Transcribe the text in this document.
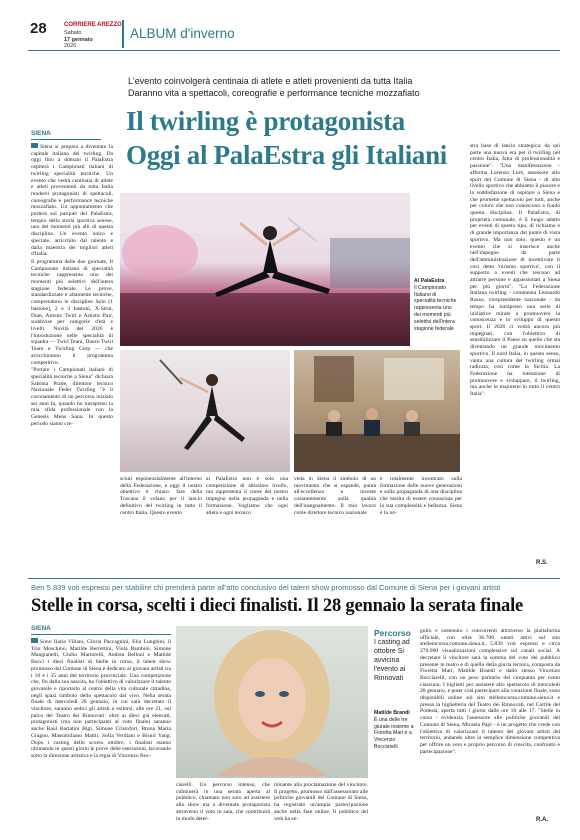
28	CORRIERE AREZZO
Sabato
17 gennaio
2026
ALBUM d'inverno
L'evento coinvolgerà centinaia di atlete e atleti provenienti da tutta Italia
Daranno vita a spettacoli, coreografie e performance tecniche mozzafiato
SIENA	Il twirling è protagonista
Oggi al PalaEstra gli Italiani

Siena si prepara a diventare la capitale italiana del twirling. Da oggi fino a domani il PalaEstra ospiterà i Campionati italiani di twirling specialità tecniche. Un evento che vedrà centinaia di atlete e atleti provenienti da tutta Italia rendersi protagonisti di spettacoli, coreografie e performance tecniche mozzafiato. Un appuntamento che porterà sul parquet del PalaEstra, tempio della storia sportiva senese, uno dei momenti più alti di questa disciplina. Un evento unico e speciale, arricchito dal talento e dalla maestria dei migliori atleti d'Italia.

Il programma delle due giornate. Il Campionato italiano di specialità tecniche rappresenta uno dei momenti più selettivi dell'intera stagione federale. Le prove, standardizzate e altamente tecniche, comprendono le discipline Solo (1 bastone), 2 e 3 bastoni, X-Strut, Duet, Artistic Twirl e Artistic Pair, suddivise per categorie d'età e livelli. Novità del 2026 è l'introduzione nelle specialità di squadra — Twirl Team, Dance Twirl Team e Twirling Corp — che arricchiranno il programma competitivo.

"Portare i Campionati italiani di specialità tecniche a Siena" dichiara Sabrina Prade, direttore tecnico Nazionale Feder Twirling "è il coronamento di un percorso iniziato sei anni fa, quando ho intrapreso la mia sfida professionale con la Genesis Mens Sana. In questo periodo siamo cre-

Al PalaEstra
Il Campionato Italiano di specialità tecniche rappresenta uno dei momenti più selettivi dell'intera stagione federale
sciuti esponenzialmente all'interno della Federazione, e oggi il nostro obiettivo è chiaro: fare della Toscana il volano per il lancio definitivo del twirling in tutto il centro Italia. Questo evento
al PalaEstra non è solo una competizione di altissimo livello, ma rappresenta il cuore del nostro impegno nella propaganda e nella formazione. Vogliamo che ogni atleta e ogni tecnico
veda in Siena il simbolo di un movimento che si espande, punta all'eccellenza e investe costantemente sulla qualità dell'insegnamento. Il mio lavoro come direttore tecnico nazionale
è totalmente incentrato sulla formazione delle nuove generazioni e sulla propaganda di una disciplina che merita di essere conosciuta per la sua complessità e bellezza. Siena è la no-
stra base di lancio strategica: da qui parte una nuova era per il twirling nel centro Italia, fatta di professionalità e passione". "Una manifestazione - afferma Lorenzo Loré, assessore allo sport del Comune di Siena - di alto livello sportivo che abbiamo il piacere e la soddisfazione di ospitare a Siena e che promette spettacolo per tutti, anche per coloro che non conoscono a fondo questa disciplina. Il PalaEstra, di proprietà comunale, è il luogo adatto per eventi di questo tipo, di richiamo e di grande importanza dal punto di vista sportivo. Ma non solo: questo è un evento che si inserisce anche nell'impegno da parte dell'amministrazione di incentivare il così detto 'turismo sportivo', con il supporto a eventi che rescono ad attrarre persone e appassionati a Siena per più giorni". "La Federazione Italiana twirling - commenta Leonardo Russo, vicepresidente nazionale - da tempo ha intrapreso una serie di iniziative mirate a promuovere la conoscenza e lo sviluppo di questo sport. Il 2026 ci vedrà ancora più impegnati, con l'obiettivo di sensibilizzare il Paese su quello che sta diventando un grande movimento sportivo. Il nord Italia, in questo senso, vanta una cultura del twirling ormai radicata, così come la Sicilia. La Federazione ha intenzione di promuovere e sviluppare, il twirling, ma anche le majorette in tutto il centro Italia".
R.S.
Ben 5.839 voti espressi per stabilire chi prenderà parte all'atto conclusivo del talent show promosso dal Comune di Siena per i giovani artisti
Stelle in corsa, scelti i dieci finalisti. Il 28 gennaio la serata finale
SIENA

Sono Ilaria Villani, Gloria Paccagnini, Elia Lunghini, il Trio Moschino, Matilde Berrettini, Viola Bambini, Simone Mangianelli, Giulio Martorelli, Andrea Belloni e Matilde Bocci i dieci finalisti di Stelle in corsa, il talent show promosso dal Comune di Siena e dedicato ai giovani artisti tra i 18 e i 35 anni del territorio provinciale. Una competizione che, fin dalla sua nascita, ha l'obiettivo di valorizzare il talento giovanile e riportarlo al centro della vita culturale cittadina, negli spazi simbolo dello spettacolo dal vivo. Nella serata finale di mercoledì 28 gennaio, in cui sarà decretato il vincitore, saranno sedici gli artisti a esibirsi, alle ore 21, sul palco del Teatro dei Rinnovati: oltre ai dieci già elencati, protagonisti (ma non partecipanti al voto finale) saranno anche Raul Bartalini Bigi, Simone Cristofori, Bruna Maria Giugno, Massimiliano Mattii, Sofia Verdiani e Bisuri Yang. Dopo i casting dello scorso ottobre, i finalisti stanno ultimando in questi giorni le prove delle esecuzioni, lavorando sotto la direzione artistica e la regia di Vincenzo Boc-

Matilde Brandi
È una delle tre giurate insieme a Fioretta Mari e a Vincenzo Bocciarelli
Percorso
I casting ad ottobre Si avvicina l'evento ai Rinnovati
ciarelli. Un percorso intenso, che culminerà in una serata aperta al pubblico, chiamato non solo ad assistere allo show ma a diventare protagonista attraverso il voto in sala, che contribuirà in modo deter-
minante alla proclamazione del vincitore. Il progetto, promosso dall'assessorato alle politiche giovanili del Comune di Siena, ha registrato un'ampia partecipazione anche nella fase online. Il pubblico del web ha se-
guito e sostenuto i concorrenti attraverso la piattaforma ufficiale, con oltre 36.700 utenti attivi sul sito stelleincorsa.comune.siena.it, 5.839 voti espressi e circa 270.000 visualizzazioni complessive sui canali social. A decretare il vincitore sarà la somma del voto del pubblico presente in teatro e di quello della giuria tecnica, composta da Fioretta Mari, Matilde Brandi e dallo stesso Vincenzo Bocciarelli, con un peso paritario del cinquanta per cento ciascuno. I biglietti per assistere allo spettacolo di mercoledì 28 gennaio, e poter così partecipare alla votazione finale, sono disponibili online sul sito stelleincorsa.comune.siena.it e presso la biglietteria del Teatro dei Rinnovati, nel Cortile del Podestà, aperta tutti i giorni dalle ore 10 alle 17. "Stelle in corsa - evidenzia l'assessore alle politiche giovanili del Comune di Siena, Micaela Papi - è un progetto che crede con l'obiettivo di valorizzare il talento dei giovani artisti del territorio, andando oltre la semplice dimensione competitiva per offrire un vero e proprio percorso di crescita, confronto e partecipazione".
R.A.
